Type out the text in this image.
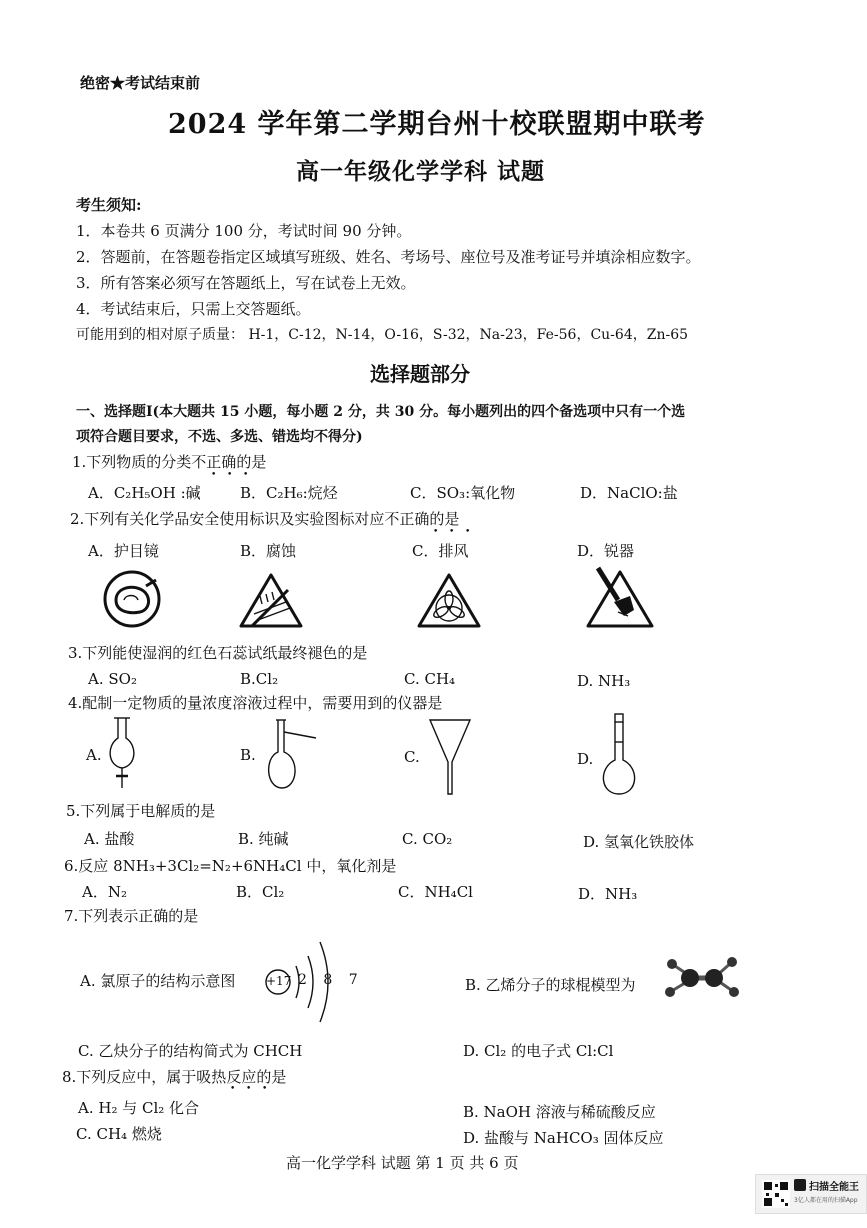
绝密★考试结束前
2024 学年第二学期台州十校联盟期中联考
高一年级化学学科 试题
考生须知:
1．本卷共 6 页满分 100 分，考试时间 90 分钟。
2．答题前，在答题卷指定区域填写班级、姓名、考场号、座位号及准考证号并填涂相应数字。
3．所有答案必须写在答题纸上，写在试卷上无效。
4．考试结束后，只需上交答题纸。
可能用到的相对原子质量： H-1，C-12，N-14，O-16，S-32，Na-23，Fe-56，Cu-64，Zn-65
选择题部分
一、选择题I(本大题共 15 小题，每小题 2 分，共 30 分。每小题列出的四个备选项中只有一个选
项符合题目要求，不选、多选、错选均不得分)
1.下列物质的分类不正确的是
• • •
A．C₂H₅OH :碱	B．C₂H₆:烷烃	C．SO₃:氧化物	D．NaClO:盐
2.下列有关化学品安全使用标识及实验图标对应不正确的是
• • •
A．护目镜	B．腐蚀	C．排风	D．锐器
3.下列能使湿润的红色石蕊试纸最终褪色的是
A. SO₂	B.Cl₂	C. CH₄	D. NH₃
4.配制一定物质的量浓度溶液过程中，需要用到的仪器是
A.	B.	C.	D.
5.下列属于电解质的是
A. 盐酸	B. 纯碱	C. CO₂	D. 氢氧化铁胶体
6.反应 8NH₃+3Cl₂=N₂+6NH₄Cl 中，氧化剂是
A．N₂	B．Cl₂	C．NH₄Cl	D．NH₃
7.下列表示正确的是
A. 氯原子的结构示意图	+17 2 8 7	B. 乙烯分子的球棍模型为
C. 乙炔分子的结构简式为 CHCH	D. Cl₂ 的电子式 Cl:Cl
8.下列反应中，属于吸热反应的是
• • •
A. H₂ 与 Cl₂ 化合	B. NaOH 溶液与稀硫酸反应
C. CH₄ 燃烧	D. 盐酸与 NaHCO₃ 固体反应
高一化学学科 试题 第 1 页 共 6 页
扫描全能王
3亿人都在用的扫描App
